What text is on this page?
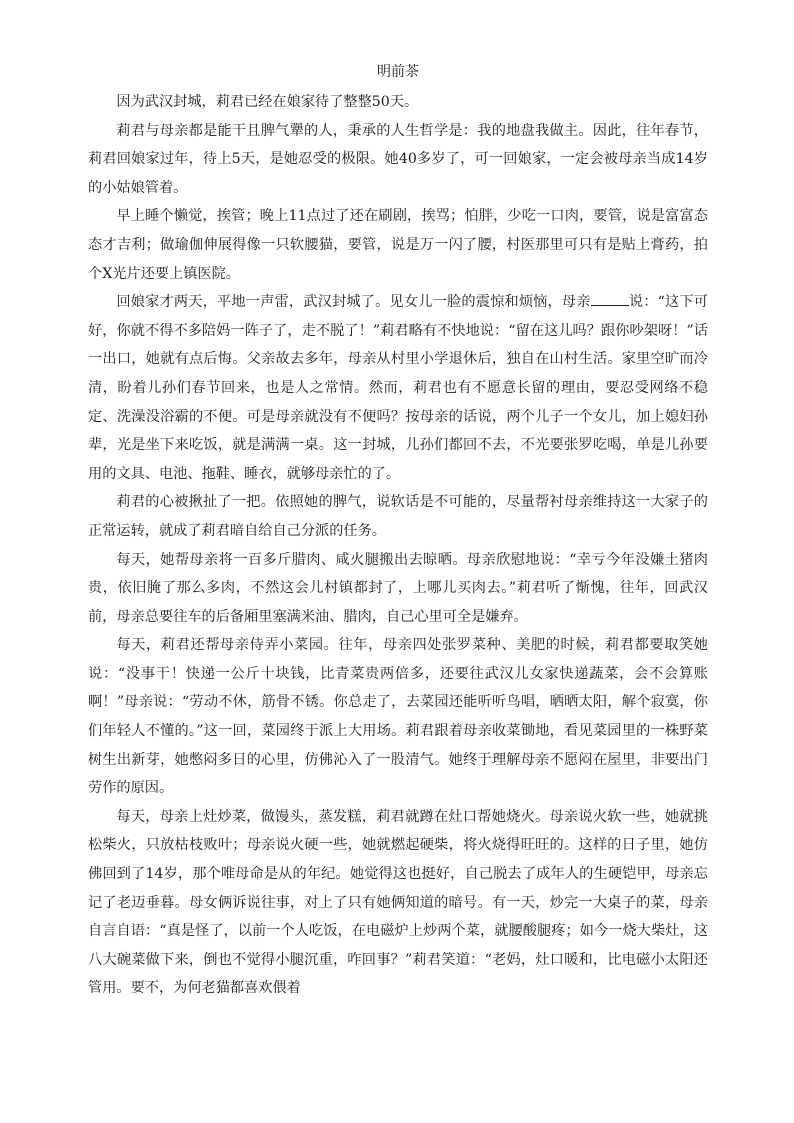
明前茶

因为武汉封城，莉君已经在娘家待了整整50天。

莉君与母亲都是能干且脾气犟的人，秉承的人生哲学是：我的地盘我做主。因此，往年春节，莉君回娘家过年，待上5天，是她忍受的极限。她40多岁了，可一回娘家，一定会被母亲当成14岁的小姑娘管着。

早上睡个懒觉，挨管；晚上11点过了还在刷剧，挨骂；怕胖，少吃一口肉，要管，说是富富态态才吉利；做瑜伽伸展得像一只软腰猫，要管，说是万一闪了腰，村医那里可只有是贴上膏药，拍个X光片还要上镇医院。

回娘家才两天，平地一声雷，武汉封城了。见女儿一脸的震惊和烦恼，母亲	说：“这下可好，你就不得不多陪妈一阵子了，走不脱了！”莉君略有不快地说：“留在这儿吗？跟你吵架呀！”话一出口，她就有点后悔。父亲故去多年，母亲从村里小学退休后，独自在山村生活。家里空旷而冷清，盼着儿孙们春节回来，也是人之常情。然而，莉君也有不愿意长留的理由，要忍受网络不稳定、洗澡没浴霸的不便。可是母亲就没有不便吗？按母亲的话说，两个儿子一个女儿，加上媳妇孙辈，光是坐下来吃饭，就是满满一桌。这一封城，儿孙们都回不去，不光要张罗吃喝，单是儿孙要用的文具、电池、拖鞋、睡衣，就够母亲忙的了。

莉君的心被揪扯了一把。依照她的脾气，说软话是不可能的，尽量帮衬母亲维持这一大家子的正常运转，就成了莉君暗自给自己分派的任务。

每天，她帮母亲将一百多斤腊肉、咸火腿搬出去晾晒。母亲欣慰地说：“幸亏今年没嫌土猪肉贵，依旧腌了那么多肉，不然这会儿村镇都封了，上哪儿买肉去。”莉君听了惭愧，往年，回武汉前，母亲总要往车的后备厢里塞满米油、腊肉，自己心里可全是嫌弃。

每天，莉君还帮母亲侍弄小菜园。往年，母亲四处张罗菜种、美肥的时候，莉君都要取笑她说：“没事干！快递一公斤十块钱，比青菜贵两倍多，还要往武汉儿女家快递蔬菜，会不会算账啊！”母亲说：“劳动不休，筋骨不锈。你总走了，去菜园还能听听鸟唱，晒晒太阳，解个寂寞，你们年轻人不懂的。”这一回，菜园终于派上大用场。莉君跟着母亲收菜锄地，看见菜园里的一株野菜树生出新芽，她憋闷多日的心里，仿佛沁入了一股清气。她终于理解母亲不愿闷在屋里，非要出门劳作的原因。

每天，母亲上灶炒菜，做馒头，蒸发糕，莉君就蹲在灶口帮她烧火。母亲说火软一些，她就挑松柴火，只放枯枝败叶；母亲说火硬一些，她就燃起硬柴，将火烧得旺旺的。这样的日子里，她仿佛回到了14岁，那个唯母命是从的年纪。她觉得这也挺好，自己脱去了成年人的生硬铠甲，母亲忘记了老迈垂暮。母女俩诉说往事，对上了只有她俩知道的暗号。有一天，炒完一大桌子的菜，母亲自言自语：“真是怪了，以前一个人吃饭，在电磁炉上炒两个菜，就腰酸腿疼；如今一烧大柴灶，这八大碗菜做下来，倒也不觉得小腿沉重，咋回事？”莉君笑道：“老妈，灶口暖和，比电磁小太阳还管用。要不，为何老猫都喜欢偎着
